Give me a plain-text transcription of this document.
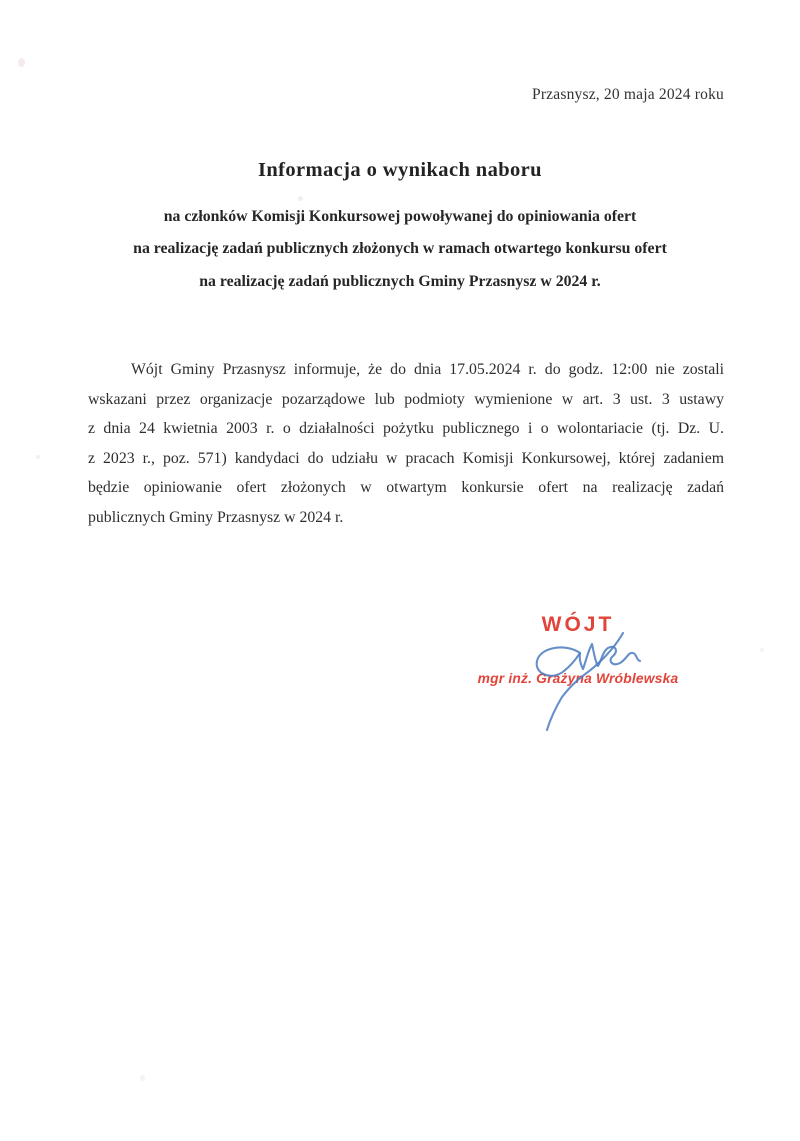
Przasnysz, 20 maja 2024 roku
Informacja o wynikach naboru
na członków Komisji Konkursowej powoływanej do opiniowania ofert
na realizację zadań publicznych złożonych w ramach otwartego konkursu ofert
na realizację zadań publicznych Gminy Przasnysz w 2024 r.
Wójt Gminy Przasnysz informuje, że do dnia 17.05.2024 r. do godz. 12:00 nie zostali
wskazani przez organizacje pozarządowe lub podmioty wymienione w art. 3 ust. 3 ustawy
z dnia 24 kwietnia 2003 r. o działalności pożytku publicznego i o wolontariacie (tj. Dz. U.
z 2023 r., poz. 571) kandydaci do udziału w pracach Komisji Konkursowej, której zadaniem
będzie opiniowanie ofert złożonych w otwartym konkursie ofert na realizację zadań
publicznych Gminy Przasnysz w 2024 r.
WÓJT
mgr inż. Grażyna Wróblewska
